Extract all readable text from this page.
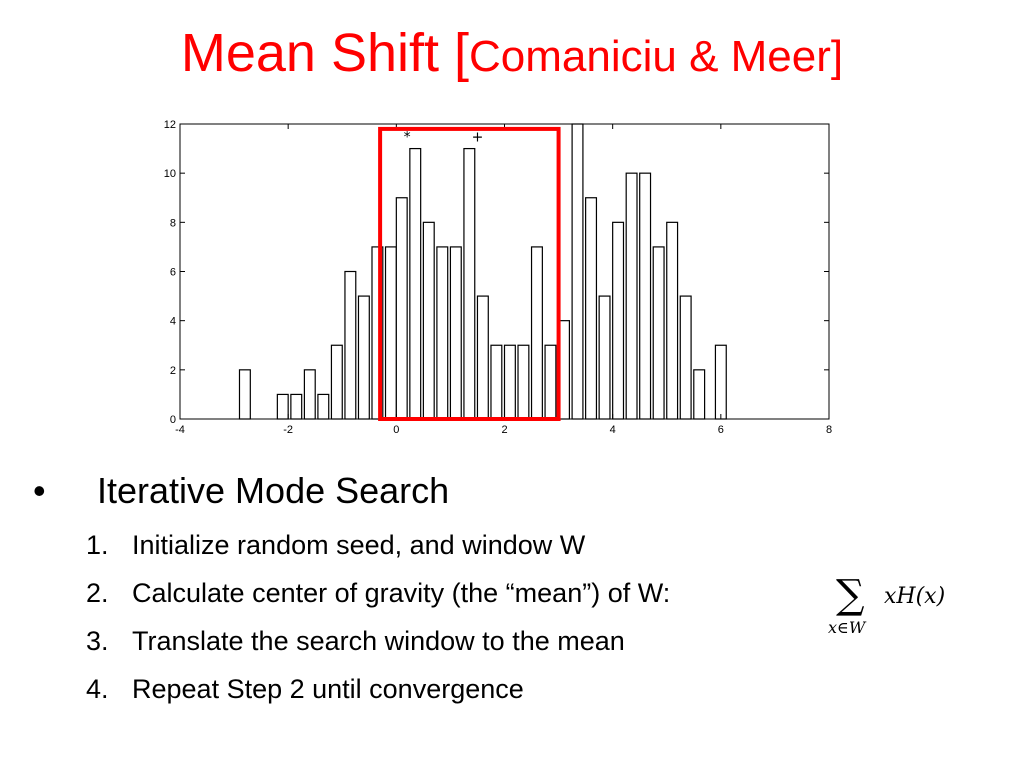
Mean Shift [Comaniciu & Meer]
-4	-2	0	2	4	6	8
0
2
4
6
8
10
12
*	+
• Iterative Mode Search
1. Initialize random seed, and window W
2. Calculate center of gravity (the “mean”) of W:
3. Translate the search window to the mean
4. Repeat Step 2 until convergence
∑
x∈W
xH(x)
